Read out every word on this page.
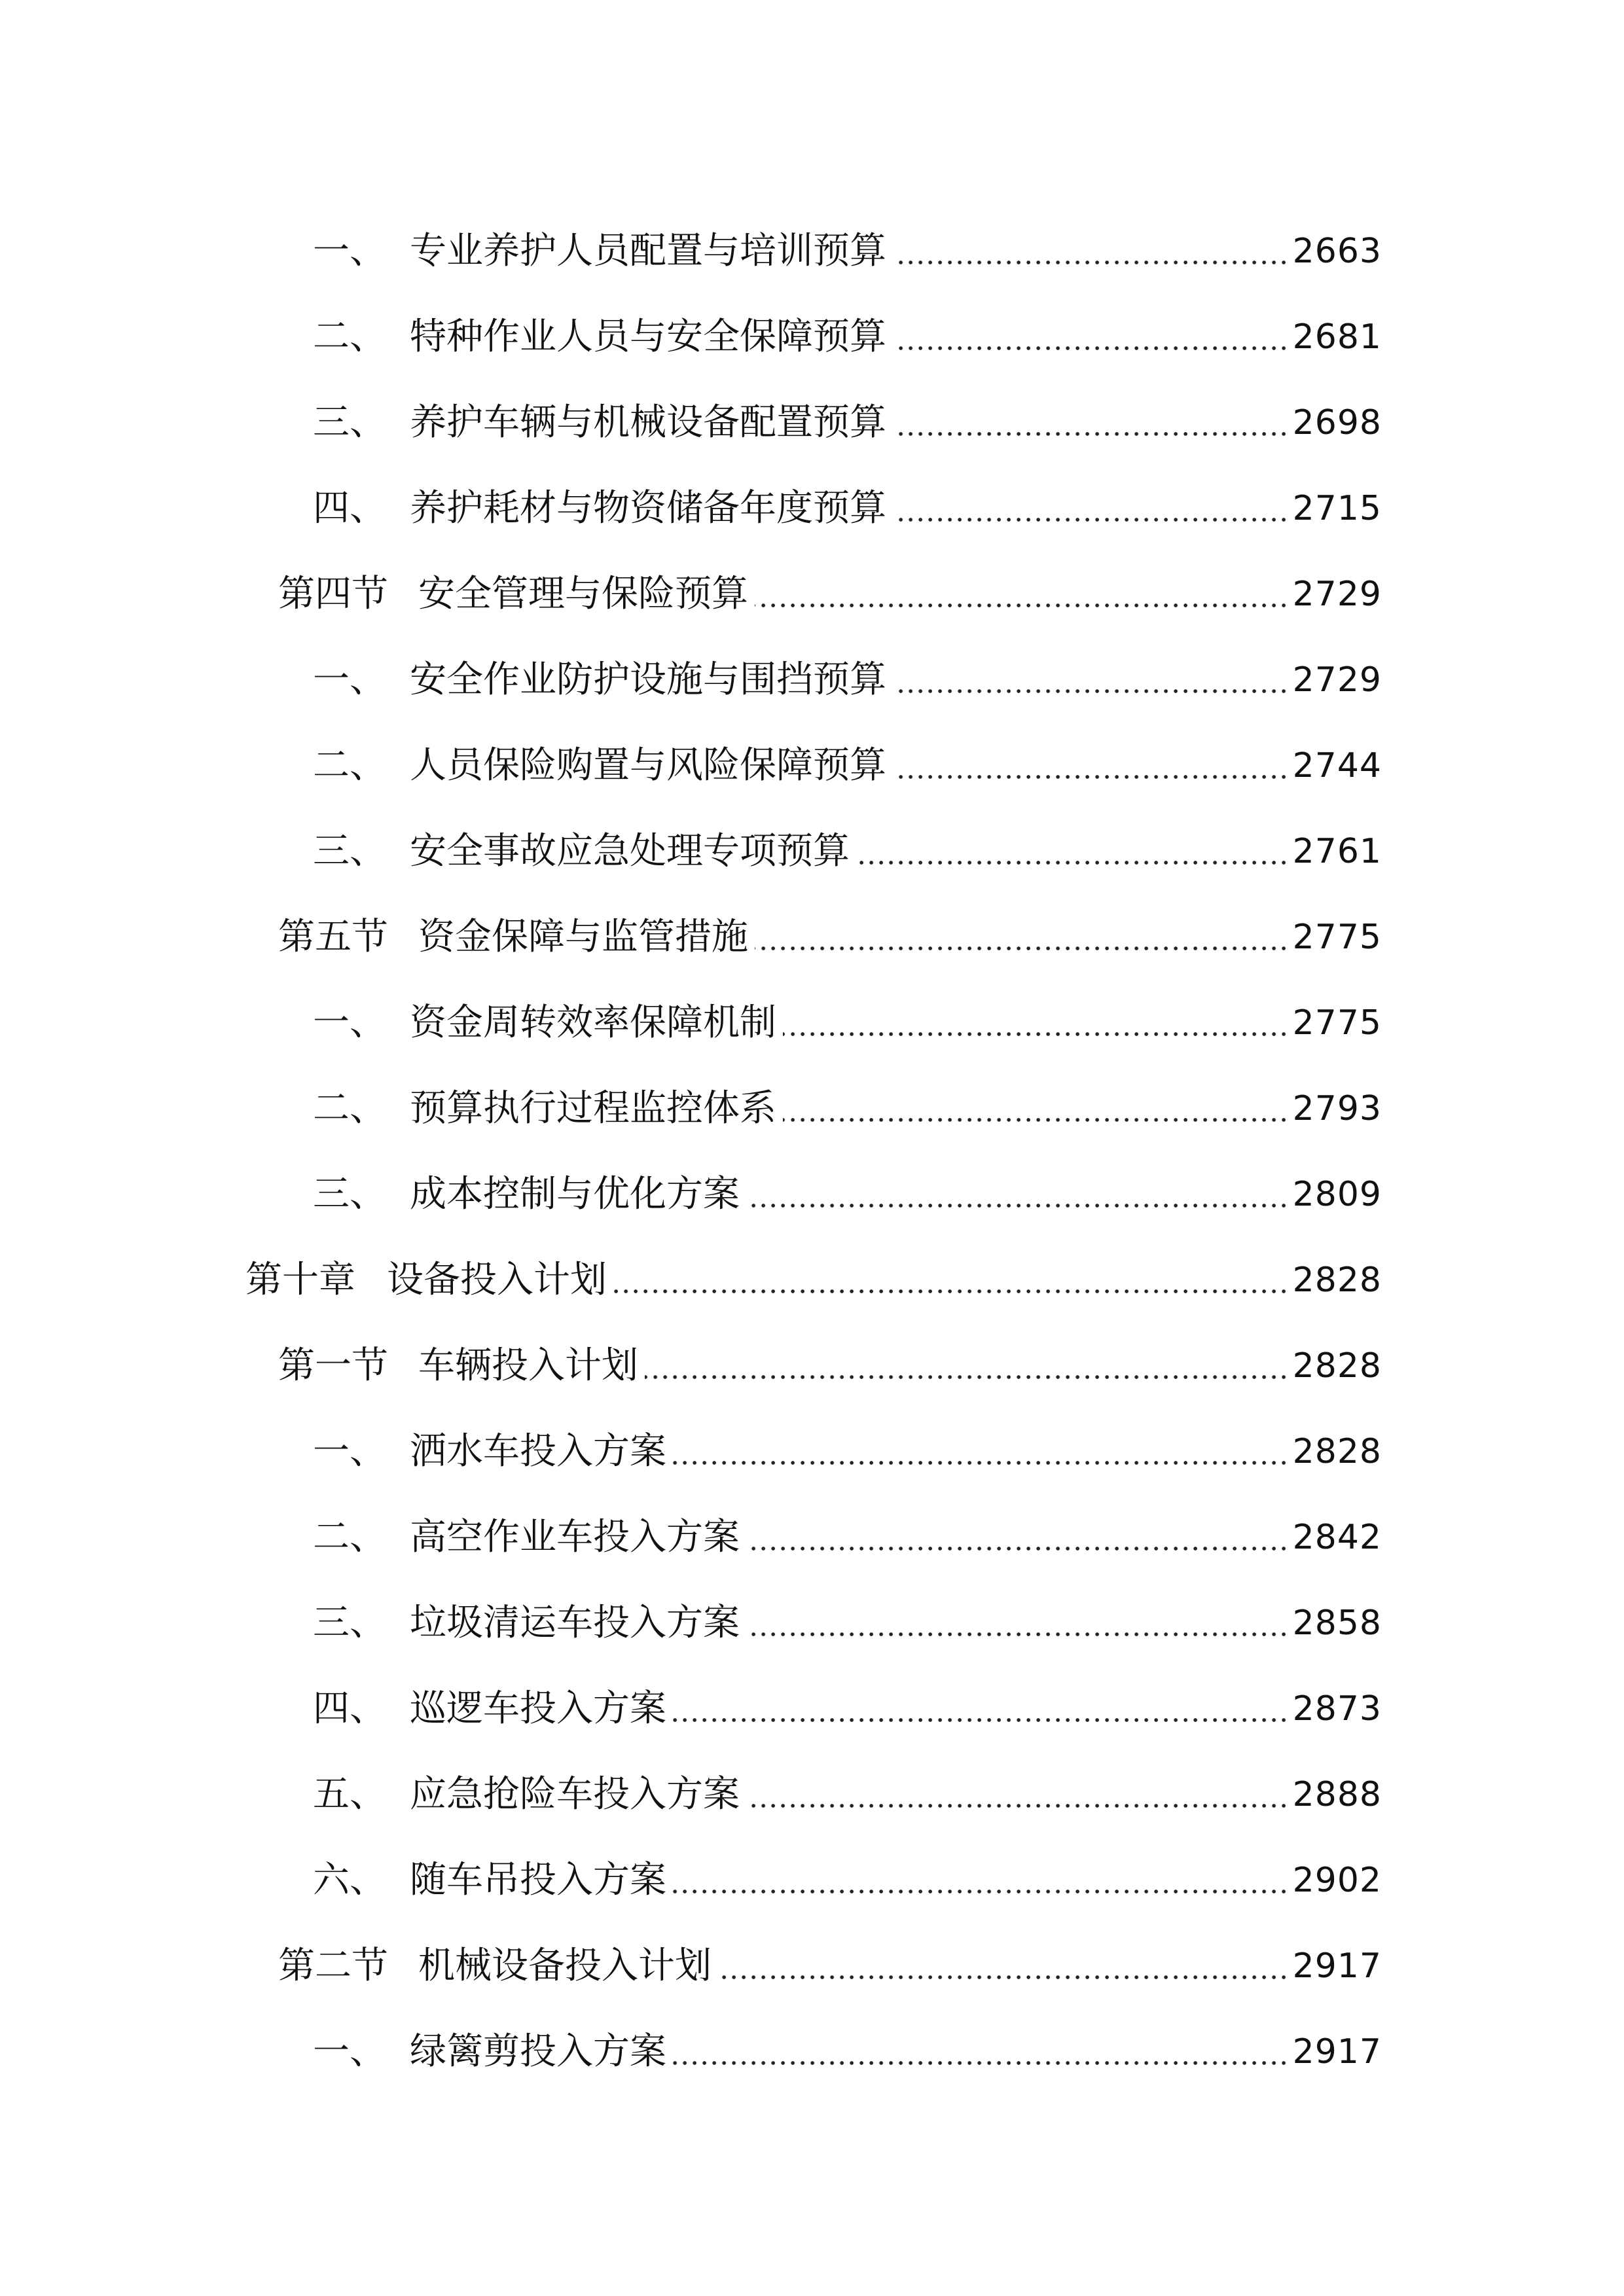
一、 专业养护人员配置与培训预算	2663
二、 特种作业人员与安全保障预算	2681
三、 养护车辆与机械设备配置预算	2698
四、 养护耗材与物资储备年度预算	2715
第四节 安全管理与保险预算	2729
一、 安全作业防护设施与围挡预算	2729
二、 人员保险购置与风险保障预算	2744
三、 安全事故应急处理专项预算	2761
第五节 资金保障与监管措施	2775
一、 资金周转效率保障机制	2775
二、 预算执行过程监控体系	2793
三、 成本控制与优化方案	2809
第十章 设备投入计划	2828
第一节 车辆投入计划	2828
一、 洒水车投入方案	2828
二、 高空作业车投入方案	2842
三、 垃圾清运车投入方案	2858
四、 巡逻车投入方案	2873
五、 应急抢险车投入方案	2888
六、 随车吊投入方案	2902
第二节 机械设备投入计划	2917
一、 绿篱剪投入方案	2917
